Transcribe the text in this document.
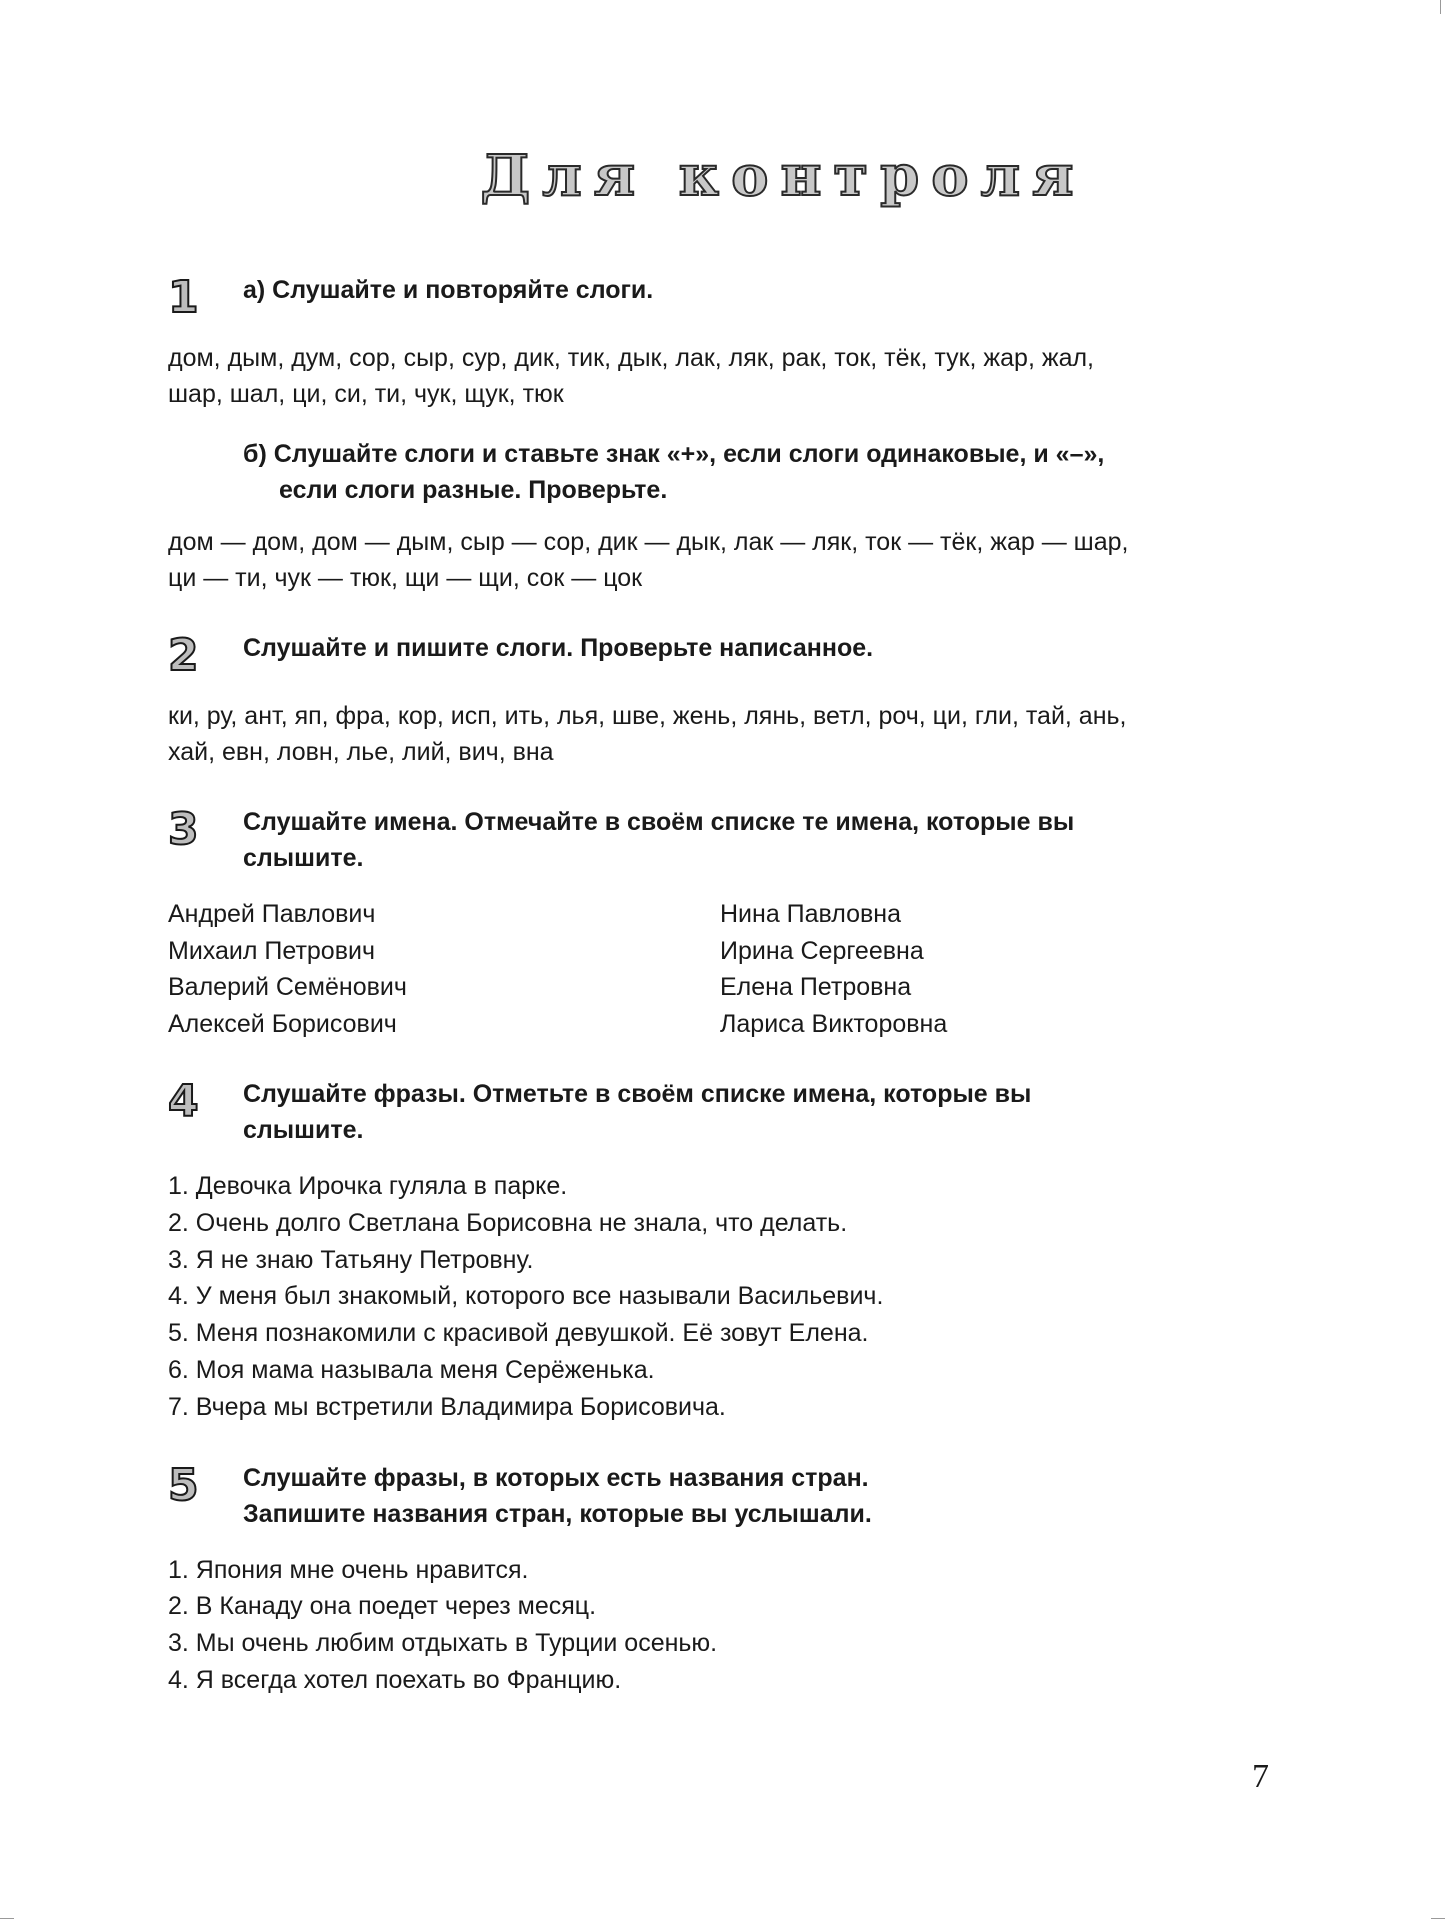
Для контроля
1	а) Слушайте и повторяйте слоги.
дом, дым, дум, сор, сыр, сур, дик, тик, дык, лак, ляк, рак, ток, тёк, тук, жар, жал,
шар, шал, ци, си, ти, чук, щук, тюк
б) Слушайте слоги и ставьте знак «+», если слоги одинаковые, и «–»,
если слоги разные. Проверьте.
дом — дом, дом — дым, сыр — сор, дик — дык, лак — ляк, ток — тёк, жар — шар,
ци — ти, чук — тюк, щи — щи, сок — цок
2	Слушайте и пишите слоги. Проверьте написанное.
ки, ру, ант, яп, фра, кор, исп, ить, лья, шве, жень, лянь, ветл, роч, ци, гли, тай, ань,
хай, евн, ловн, лье, лий, вич, вна
3	Слушайте имена. Отмечайте в своём списке те имена, которые вы
слышите.
Андрей Павлович
Михаил Петрович
Валерий Семёнович
Алексей Борисович
Нина Павловна
Ирина Сергеевна
Елена Петровна
Лариса Викторовна
4	Слушайте фразы. Отметьте в своём списке имена, которые вы
слышите.
1. Девочка Ирочка гуляла в парке.
2. Очень долго Светлана Борисовна не знала, что делать.
3. Я не знаю Татьяну Петровну.
4. У меня был знакомый, которого все называли Васильевич.
5. Меня познакомили с красивой девушкой. Её зовут Елена.
6. Моя мама называла меня Серёженька.
7. Вчера мы встретили Владимира Борисовича.
5	Слушайте фразы, в которых есть названия стран.
Запишите названия стран, которые вы услышали.
1. Япония мне очень нравится.
2. В Канаду она поедет через месяц.
3. Мы очень любим отдыхать в Турции осенью.
4. Я всегда хотел поехать во Францию.
7
